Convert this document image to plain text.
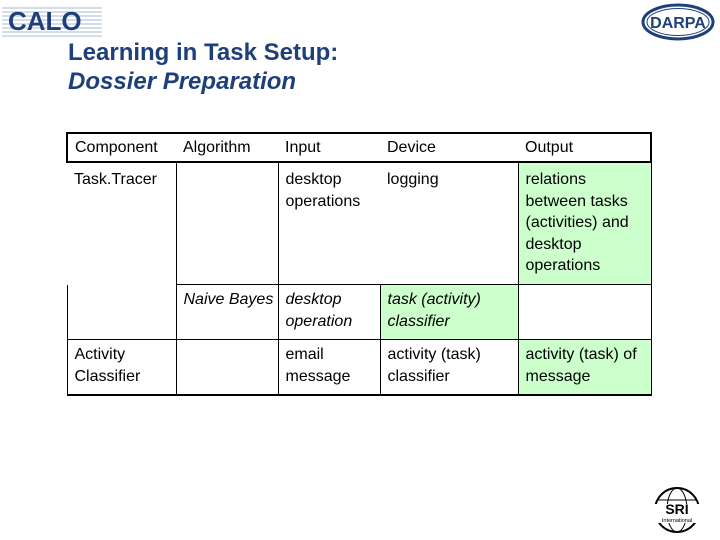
CALO	DARPA
Learning in Task Setup:
Dossier Preparation
Component	Algorithm	Input	Device	Output
Task.Tracer		desktop operations	logging	relations between tasks (activities) and desktop operations
	Naive Bayes	desktop operation	task (activity) classifier	
Activity Classifier		email message	activity (task) classifier	activity (task) of message
SRI
International
